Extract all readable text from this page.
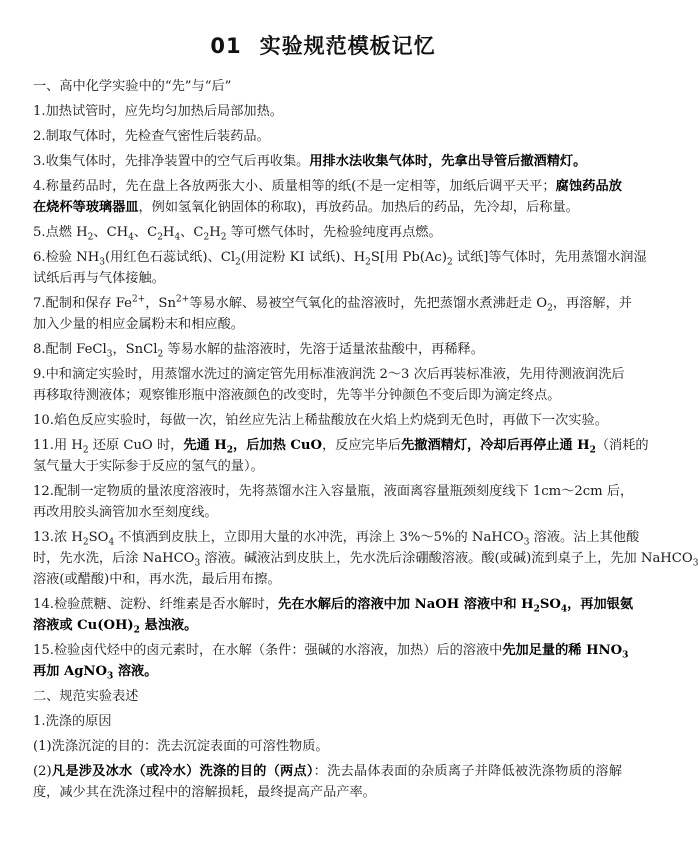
01 实验规范模板记忆
一、高中化学实验中的“先”与“后”
1.加热试管时，应先均匀加热后局部加热。
2.制取气体时，先检查气密性后装药品。
3.收集气体时，先排净装置中的空气后再收集。用排水法收集气体时，先拿出导管后撤酒精灯。
4.称量药品时，先在盘上各放两张大小、质量相等的纸(不是一定相等，加纸后调平天平；腐蚀药品放
在烧杯等玻璃器皿，例如氢氧化钠固体的称取)，再放药品。加热后的药品，先冷却，后称量。
5.点燃 $H_2$、$CH_4$、$C_2H_4$、$C_2H_2$ 等可燃气体时，先检验纯度再点燃。
6.检验 $NH_3$(用红色石蕊试纸)、$Cl_2$(用淀粉 KI 试纸)、$H_2S$[用 $Pb(Ac)_2$ 试纸]等气体时，先用蒸馏水润湿
试纸后再与气体接触。
7.配制和保存 $Fe^{2+}$，$Sn^{2+}$等易水解、易被空气氧化的盐溶液时，先把蒸馏水煮沸赶走 $O_2$，再溶解，并
加入少量的相应金属粉末和相应酸。
8.配制 FeCl$_3$，SnCl$_2$ 等易水解的盐溶液时，先溶于适量浓盐酸中，再稀释。
9.中和滴定实验时，用蒸馏水洗过的滴定管先用标准液润洗 2～3 次后再装标准液，先用待测液润洗后
再移取待测液体；观察锥形瓶中溶液颜色的改变时，先等半分钟颜色不变后即为滴定终点。
10.焰色反应实验时，每做一次，铂丝应先沾上稀盐酸放在火焰上灼烧到无色时，再做下一次实验。
11.用 $H_2$ 还原 CuO 时，先通 $H_2$，后加热 CuO，反应完毕后先撤酒精灯，冷却后再停止通 $H_2$（消耗的
氢气量大于实际参于反应的氢气的量）。
12.配制一定物质的量浓度溶液时，先将蒸馏水注入容量瓶，液面离容量瓶颈刻度线下 1cm～2cm 后，
再改用胶头滴管加水至刻度线。
13.浓 $H_2SO_4$ 不慎洒到皮肤上，立即用大量的水冲洗，再涂上 3%～5%的 NaHCO$_3$ 溶液。沾上其他酸
时，先水洗，后涂 NaHCO$_3$ 溶液。碱液沾到皮肤上，先水洗后涂硼酸溶液。酸(或碱)流到桌子上，先加 NaHCO$_3$
溶液(或醋酸)中和，再水洗，最后用布擦。
14.检验蔗糖、淀粉、纤维素是否水解时，先在水解后的溶液中加 NaOH 溶液中和 $H_2SO_4$，再加银氨
溶液或 $Cu(OH)_2$ 悬浊液。
15.检验卤代烃中的卤元素时，在水解（条件：强碱的水溶液，加热）后的溶液中先加足量的稀 $HNO_3$
再加 AgNO$_3$ 溶液。
二、规范实验表述
1.洗涤的原因
(1)洗涤沉淀的目的：洗去沉淀表面的可溶性物质。
(2)凡是涉及冰水（或冷水）洗涤的目的（两点）：洗去晶体表面的杂质离子并降低被洗涤物质的溶解
度，减少其在洗涤过程中的溶解损耗，最终提高产品产率。
